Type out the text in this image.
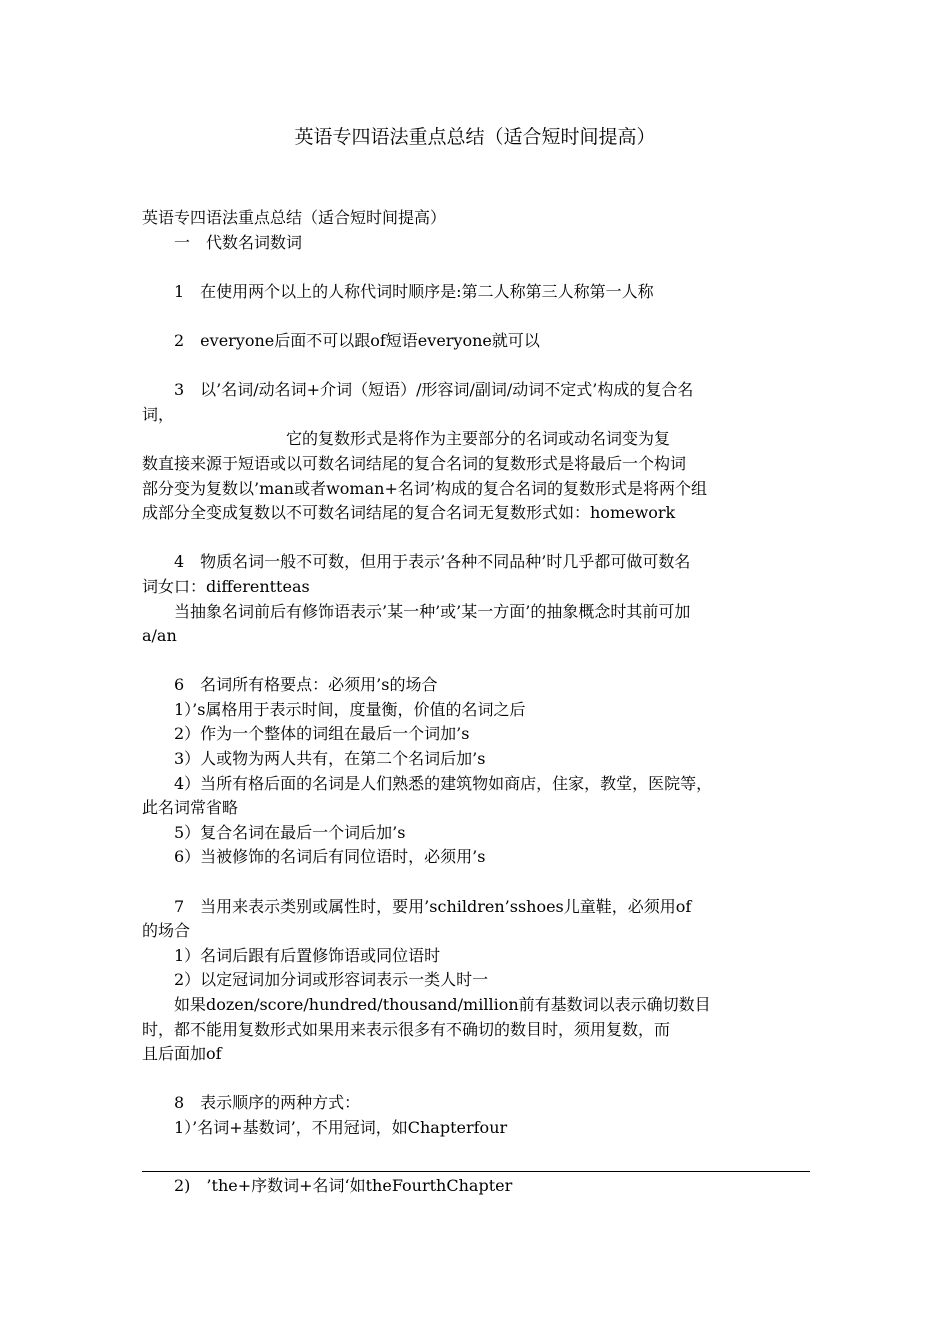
英语专四语法重点总结（适合短时间提高）

英语专四语法重点总结（适合短时间提高）

一　代数名词数词

1　在使用两个以上的人称代词时顺序是:第二人称第三人称第一人称

2　everyone后面不可以跟of短语everyone就可以

3　以’名词/动名词+介词（短语）/形容词/副词/动词不定式’构成的复合名

词，

它的复数形式是将作为主要部分的名词或动名词变为复

数直接来源于短语或以可数名词结尾的复合名词的复数形式是将最后一个构词

部分变为复数以’man或者woman+名词’构成的复合名词的复数形式是将两个组

成部分全变成复数以不可数名词结尾的复合名词无复数形式如：homework

4　物质名词一般不可数，但用于表示’各种不同品种’时几乎都可做可数名

词女口：differentteas

当抽象名词前后有修饰语表示’某一种’或’某一方面’的抽象概念时其前可加

a/an

6　名词所有格要点：必须用’s的场合

1）’s属格用于表示时间，度量衡，价值的名词之后

2）作为一个整体的词组在最后一个词加’s

3）人或物为两人共有，在第二个名词后加’s

4）当所有格后面的名词是人们熟悉的建筑物如商店，住家，教堂，医院等，

此名词常省略

5）复合名词在最后一个词后加’s

6）当被修饰的名词后有同位语时，必须用’s

7　当用来表示类别或属性时，要用’schildren’sshoes儿童鞋，必须用of

的场合

1）名词后跟有后置修饰语或同位语时

2）以定冠词加分词或形容词表示一类人时一

如果dozen/score/hundred/thousand/million前有基数词以表示确切数目

时，都不能用复数形式如果用来表示很多有不确切的数目时，须用复数，而

且后面加of

8　表示顺序的两种方式：

1）’名词+基数词’，不用冠词，如Chapterfour

2)　’the+序数词+名词‘如theFourthChapter
